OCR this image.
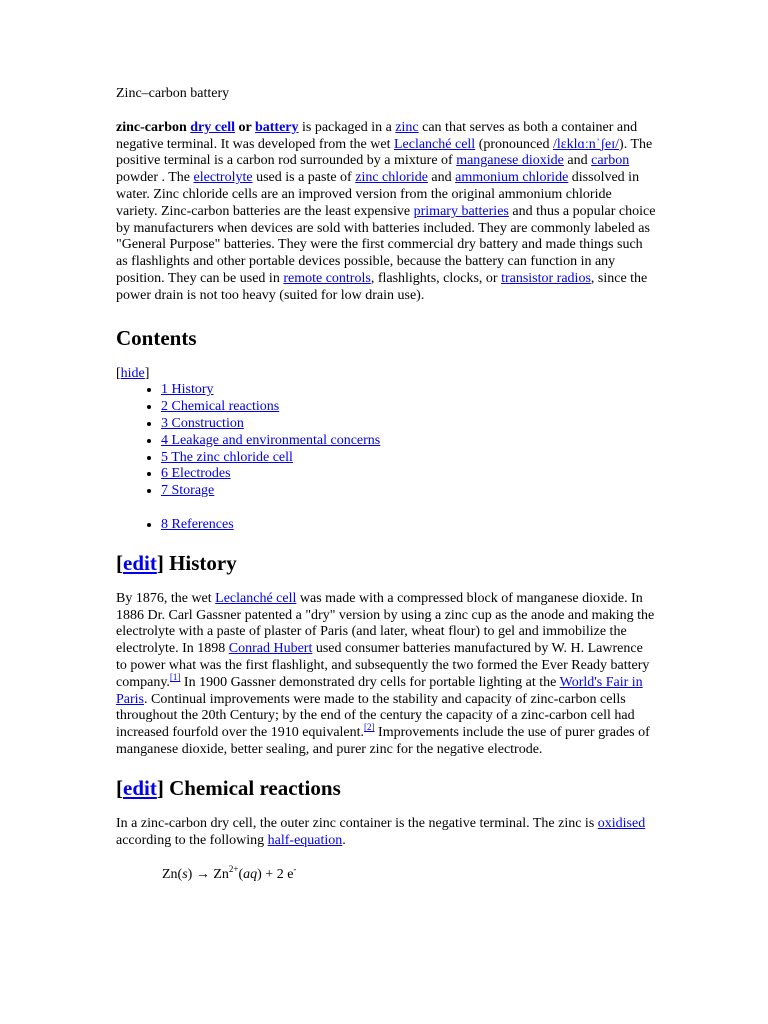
Zinc–carbon battery

zinc-carbon dry cell or battery is packaged in a zinc can that serves as both a container and negative terminal. It was developed from the wet Leclanché cell (pronounced /lɛklɑːnˈʃeɪ/). The positive terminal is a carbon rod surrounded by a mixture of manganese dioxide and carbon powder . The electrolyte used is a paste of zinc chloride and ammonium chloride dissolved in water. Zinc chloride cells are an improved version from the original ammonium chloride variety. Zinc-carbon batteries are the least expensive primary batteries and thus a popular choice by manufacturers when devices are sold with batteries included. They are commonly labeled as "General Purpose" batteries. They were the first commercial dry battery and made things such as flashlights and other portable devices possible, because the battery can function in any position. They can be used in remote controls, flashlights, clocks, or transistor radios, since the power drain is not too heavy (suited for low drain use).

Contents

[hide]

• 1 History
• 2 Chemical reactions
• 3 Construction
• 4 Leakage and environmental concerns
• 5 The zinc chloride cell
• 6 Electrodes
• 7 Storage
• 8 References
[edit] History

By 1876, the wet Leclanché cell was made with a compressed block of manganese dioxide. In 1886 Dr. Carl Gassner patented a "dry" version by using a zinc cup as the anode and making the electrolyte with a paste of plaster of Paris (and later, wheat flour) to gel and immobilize the electrolyte. In 1898 Conrad Hubert used consumer batteries manufactured by W. H. Lawrence to power what was the first flashlight, and subsequently the two formed the Ever Ready battery company.[1] In 1900 Gassner demonstrated dry cells for portable lighting at the World's Fair in Paris. Continual improvements were made to the stability and capacity of zinc-carbon cells throughout the 20th Century; by the end of the century the capacity of a zinc-carbon cell had increased fourfold over the 1910 equivalent.[2] Improvements include the use of purer grades of manganese dioxide, better sealing, and purer zinc for the negative electrode.

[edit] Chemical reactions

In a zinc-carbon dry cell, the outer zinc container is the negative terminal. The zinc is oxidised according to the following half-equation.

$Zn(s) \to Zn^{2+}(aq) + 2$ e-
